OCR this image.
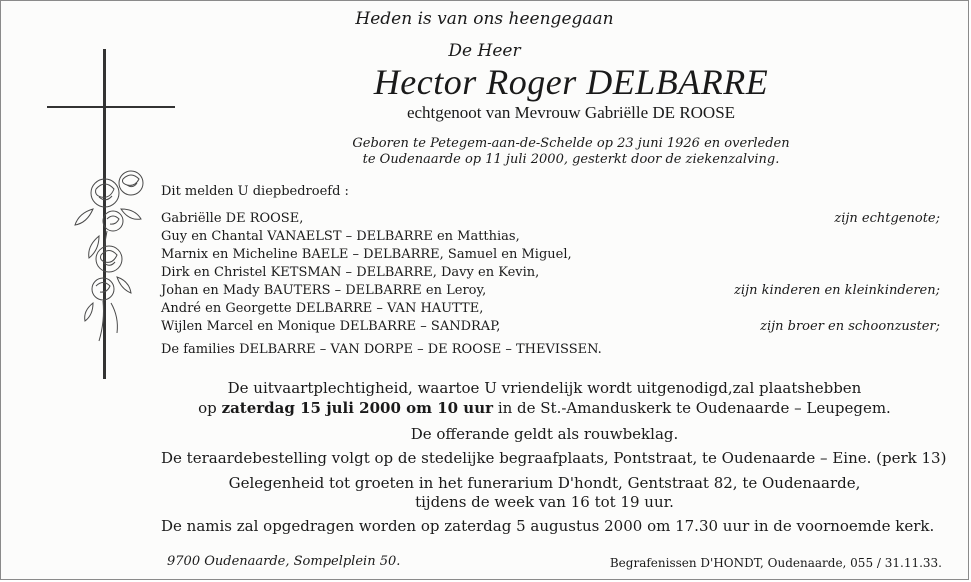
Heden is van ons heengegaan
De Heer
Hector Roger DELBARRE
echtgenoot van Mevrouw Gabriëlle DE ROOSE
Geboren te Petegem-aan-de-Schelde op 23 juni 1926 en overleden
te Oudenaarde op 11 juli 2000, gesterkt door de ziekenzalving.
Dit melden U diepbedroefd :
Gabriëlle DE ROOSE,
Guy en Chantal VANAELST – DELBARRE en Matthias,
Marnix en Micheline BAELE – DELBARRE, Samuel en Miguel,
Dirk en Christel KETSMAN – DELBARRE, Davy en Kevin,
Johan en Mady BAUTERS – DELBARRE en Leroy,
André en Georgette DELBARRE – VAN HAUTTE,
Wijlen Marcel en Monique DELBARRE – SANDRAP,
zijn echtgenote;
zijn kinderen en kleinkinderen;
zijn broer en schoonzuster;
De families DELBARRE – VAN DORPE – DE ROOSE – THEVISSEN.
De uitvaartplechtigheid, waartoe U vriendelijk wordt uitgenodigd,zal plaatshebben
op zaterdag 15 juli 2000 om 10 uur in de St.-Amanduskerk te Oudenaarde – Leupegem.
De offerande geldt als rouwbeklag.
De teraardebestelling volgt op de stedelijke begraafplaats, Pontstraat, te Oudenaarde – Eine. (perk 13)
Gelegenheid tot groeten in het funerarium D'hondt, Gentstraat 82, te Oudenaarde,
tijdens de week van 16 tot 19 uur.
De namis zal opgedragen worden op zaterdag 5 augustus 2000 om 17.30 uur in de voornoemde kerk.
9700 Oudenaarde, Sompelplein 50.	Begrafenissen D'HONDT, Oudenaarde, 055 / 31.11.33.
